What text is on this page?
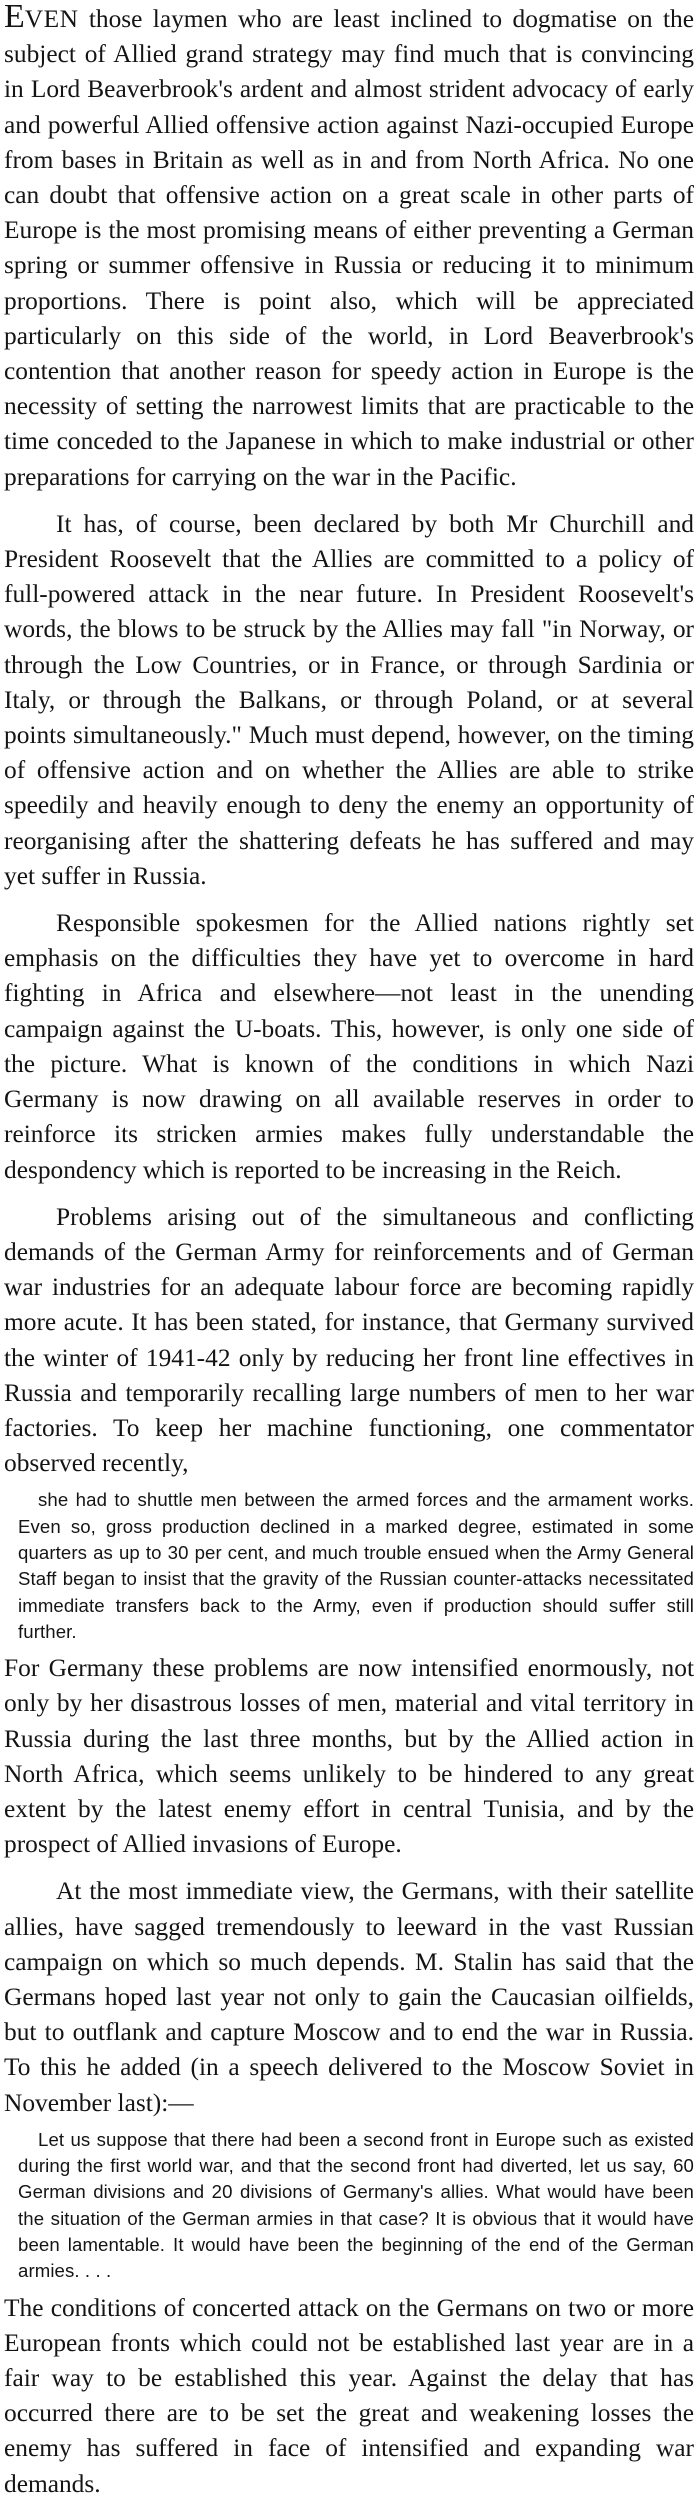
EVEN those laymen who are least inclined to dogmatise on the subject of Allied grand strategy may find much that is convincing in Lord Beaverbrook's ardent and almost strident advocacy of early and powerful Allied offensive action against Nazi-occupied Europe from bases in Britain as well as in and from North Africa. No one can doubt that offensive action on a great scale in other parts of Europe is the most promising means of either preventing a German spring or summer offensive in Russia or reducing it to minimum proportions. There is point also, which will be appreciated particularly on this side of the world, in Lord Beaverbrook's contention that another reason for speedy action in Europe is the necessity of setting the narrowest limits that are practicable to the time conceded to the Japanese in which to make industrial or other preparations for carrying on the war in the Pacific.

It has, of course, been declared by both Mr Churchill and President Roosevelt that the Allies are committed to a policy of full-powered attack in the near future. In President Roosevelt's words, the blows to be struck by the Allies may fall "in Norway, or through the Low Countries, or in France, or through Sardinia or Italy, or through the Balkans, or through Poland, or at several points simultaneously." Much must depend, however, on the timing of offensive action and on whether the Allies are able to strike speedily and heavily enough to deny the enemy an opportunity of reorganising after the shattering defeats he has suffered and may yet suffer in Russia.

Responsible spokesmen for the Allied nations rightly set emphasis on the difficulties they have yet to overcome in hard fighting in Africa and elsewhere—not least in the unending campaign against the U-boats. This, however, is only one side of the picture. What is known of the conditions in which Nazi Germany is now drawing on all available reserves in order to reinforce its stricken armies makes fully understandable the despondency which is reported to be increasing in the Reich.

Problems arising out of the simultaneous and conflicting demands of the German Army for reinforcements and of German war industries for an adequate labour force are becoming rapidly more acute. It has been stated, for instance, that Germany survived the winter of 1941-42 only by reducing her front line effectives in Russia and temporarily recalling large numbers of men to her war factories. To keep her machine functioning, one commentator observed recently,

she had to shuttle men between the armed forces and the armament works. Even so, gross production declined in a marked degree, estimated in some quarters as up to 30 per cent, and much trouble ensued when the Army General Staff began to insist that the gravity of the Russian counter-attacks necessitated immediate transfers back to the Army, even if production should suffer still further.

For Germany these problems are now intensified enormously, not only by her disastrous losses of men, material and vital territory in Russia during the last three months, but by the Allied action in North Africa, which seems unlikely to be hindered to any great extent by the latest enemy effort in central Tunisia, and by the prospect of Allied invasions of Europe.

At the most immediate view, the Germans, with their satellite allies, have sagged tremendously to leeward in the vast Russian campaign on which so much depends. M. Stalin has said that the Germans hoped last year not only to gain the Caucasian oilfields, but to outflank and capture Moscow and to end the war in Russia. To this he added (in a speech delivered to the Moscow Soviet in November last):—

Let us suppose that there had been a second front in Europe such as existed during the first world war, and that the second front had diverted, let us say, 60 German divisions and 20 divisions of Germany's allies. What would have been the situation of the German armies in that case? It is obvious that it would have been lamentable. It would have been the beginning of the end of the German armies. . . .

The conditions of concerted attack on the Germans on two or more European fronts which could not be established last year are in a fair way to be established this year. Against the delay that has occurred there are to be set the great and weakening losses the enemy has suffered in face of intensified and expanding war demands.
